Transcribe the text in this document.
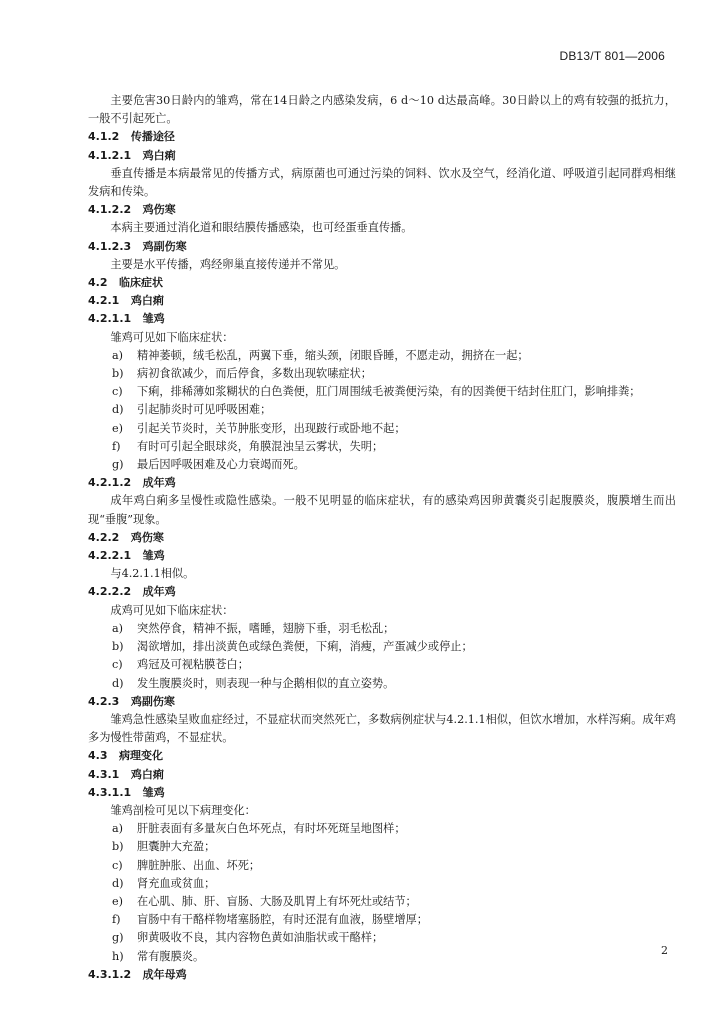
DB13/T 801—2006

主要危害30日龄内的雏鸡，常在14日龄之内感染发病，6 d～10 d达最高峰。30日龄以上的鸡有较强的抵抗力，一般不引起死亡。

4.1.2  传播途径

4.1.2.1  鸡白痢

垂直传播是本病最常见的传播方式，病原菌也可通过污染的饲料、饮水及空气，经消化道、呼吸道引起同群鸡相继发病和传染。

4.1.2.2  鸡伤寒

本病主要通过消化道和眼结膜传播感染，也可经蛋垂直传播。

4.1.2.3  鸡副伤寒

主要是水平传播，鸡经卵巢直接传递并不常见。

4.2  临床症状

4.2.1  鸡白痢

4.2.1.1  雏鸡

雏鸡可见如下临床症状：

a) 精神萎顿，绒毛松乱，两翼下垂，缩头颈，闭眼昏睡，不愿走动，拥挤在一起；

b) 病初食欲减少，而后停食，多数出现软嗉症状；

c) 下痢，排稀薄如浆糊状的白色粪便，肛门周围绒毛被粪便污染，有的因粪便干结封住肛门，影响排粪；

d) 引起肺炎时可见呼吸困难；

e) 引起关节炎时，关节肿胀变形，出现跛行或卧地不起；

f) 有时可引起全眼球炎，角膜混浊呈云雾状，失明；

g) 最后因呼吸困难及心力衰竭而死。

4.2.1.2  成年鸡

成年鸡白痢多呈慢性或隐性感染。一般不见明显的临床症状，有的感染鸡因卵黄囊炎引起腹膜炎，腹膜增生而出现“垂腹”现象。

4.2.2  鸡伤寒

4.2.2.1  雏鸡

与4.2.1.1相似。

4.2.2.2  成年鸡

成鸡可见如下临床症状：

a) 突然停食，精神不振，嗜睡，翅膀下垂，羽毛松乱；

b) 渴欲增加，排出淡黄色或绿色粪便，下痢，消瘦，产蛋减少或停止；

c) 鸡冠及可视粘膜苍白；

d) 发生腹膜炎时，则表现一种与企鹅相似的直立姿势。

4.2.3  鸡副伤寒

雏鸡急性感染呈败血症经过，不显症状而突然死亡，多数病例症状与4.2.1.1相似，但饮水增加，水样泻痢。成年鸡多为慢性带菌鸡，不显症状。

4.3  病理变化

4.3.1  鸡白痢

4.3.1.1  雏鸡

雏鸡剖检可见以下病理变化：

a) 肝脏表面有多量灰白色坏死点，有时坏死斑呈地图样；

b) 胆囊肿大充盈；

c) 脾脏肿胀、出血、坏死；

d) 肾充血或贫血；

e) 在心肌、肺、肝、盲肠、大肠及肌胃上有坏死灶或结节；

f) 盲肠中有干酪样物堵塞肠腔，有时还混有血液，肠壁增厚；

g) 卵黄吸收不良，其内容物色黄如油脂状或干酪样；

h) 常有腹膜炎。

4.3.1.2  成年母鸡

2
